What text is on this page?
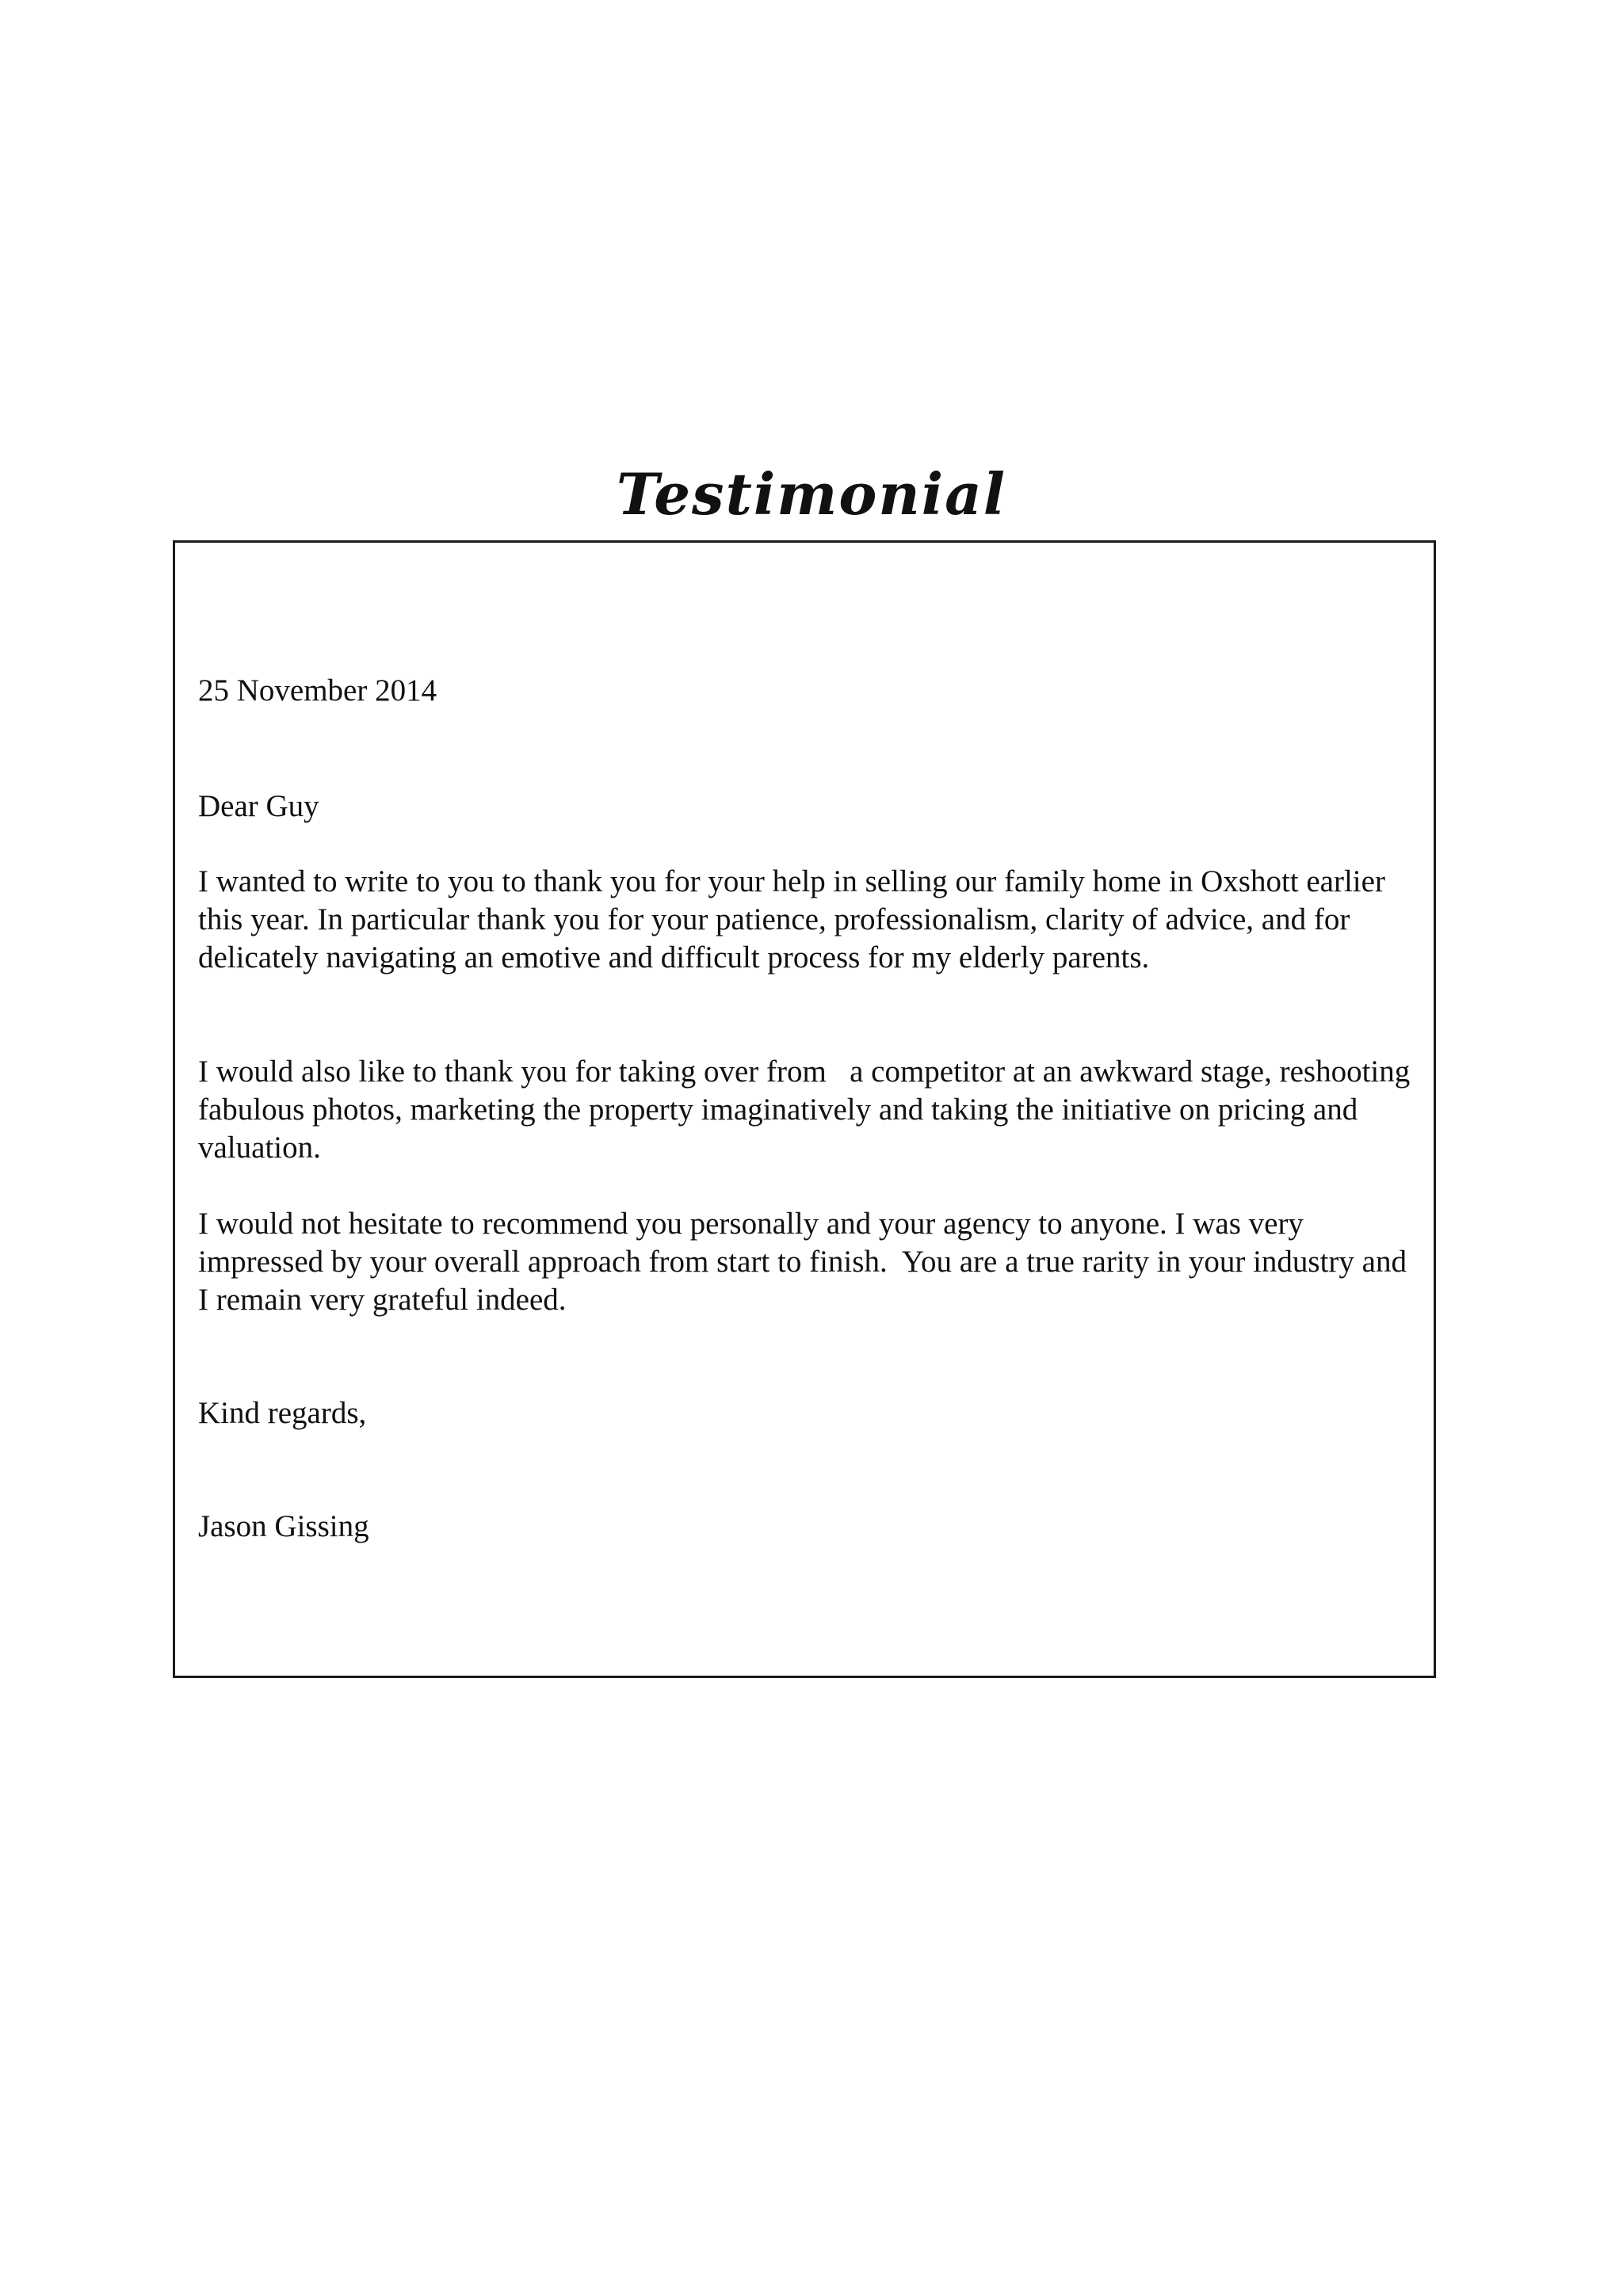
Testimonial

25 November 2014

Dear Guy

I wanted to write to you to thank you for your help in selling our family home in Oxshott earlier this year. In particular thank you for your patience, professionalism, clarity of advice, and for delicately navigating an emotive and difficult process for my elderly parents.

I would also like to thank you for taking over from   a competitor at an awkward stage, reshooting fabulous photos, marketing the property imaginatively and taking the initiative on pricing and valuation.

I would not hesitate to recommend you personally and your agency to anyone. I was very impressed by your overall approach from start to finish.  You are a true rarity in your industry and I remain very grateful indeed.

Kind regards,

Jason Gissing
